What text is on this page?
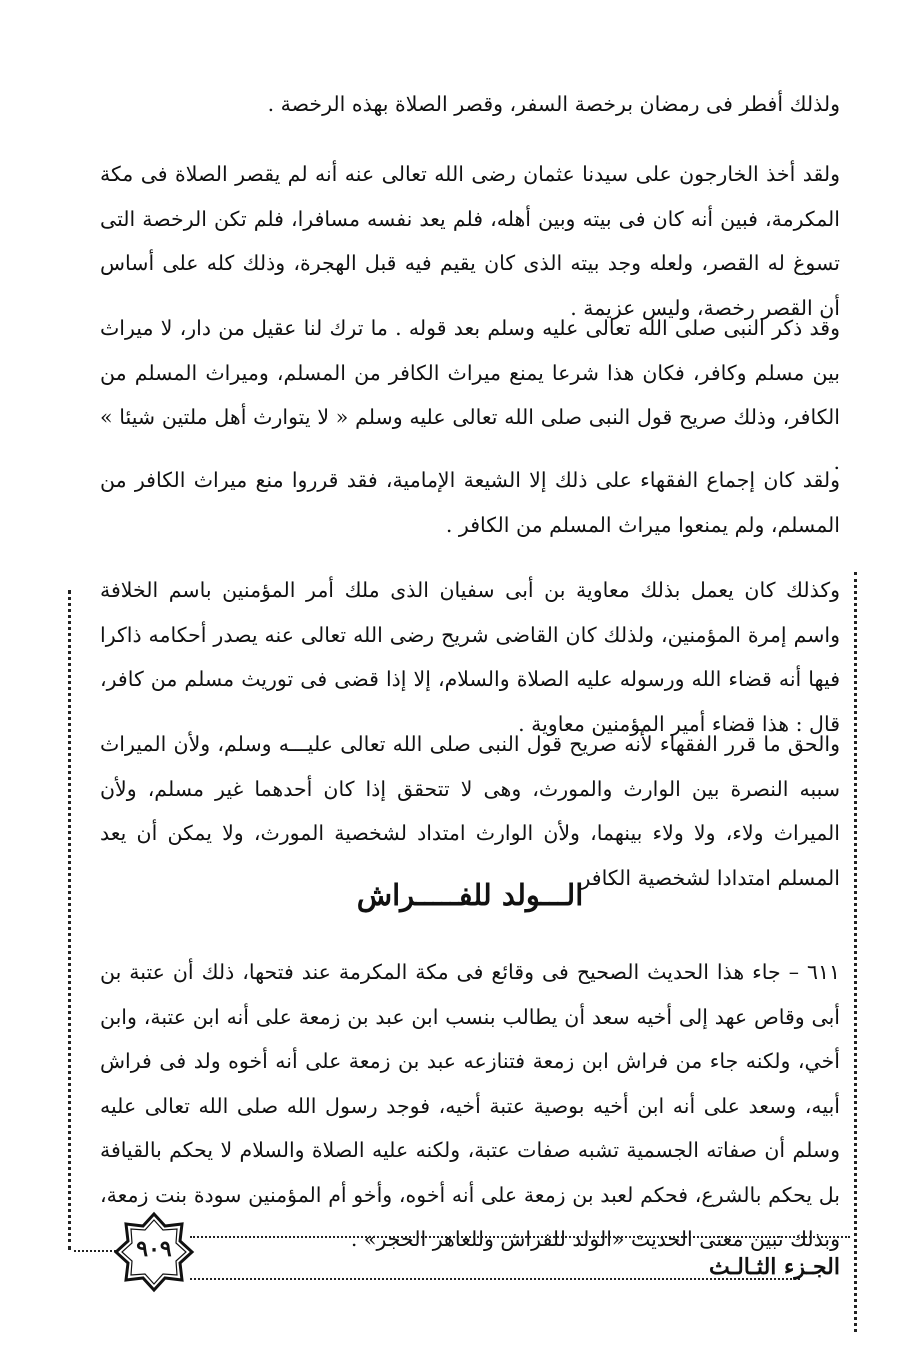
ولذلك أفطر فى رمضان برخصة السفر، وقصر الصلاة بهذه الرخصة .

ولقد أخذ الخارجون على سيدنا عثمان رضى الله تعالى عنه أنه لم يقصر الصلاة فى مكة المكرمة، فبين أنه كان فى بيته وبين أهله، فلم يعد نفسه مسافرا، فلم تكن الرخصة التى تسوغ له القصر، ولعله وجد بيته الذى كان يقيم فيه قبل الهجرة، وذلك كله على أساس أن القصر رخصة، وليس عزيمة .

وقد ذكر النبى صلى الله تعالى عليه وسلم بعد قوله . ما ترك لنا عقيل من دار، لا ميراث بين مسلم وكافر، فكان هذا شرعا يمنع ميراث الكافر من المسلم، وميراث المسلم من الكافر، وذلك صريح قول النبى صلى الله تعالى عليه وسلم « لا يتوارث أهل ملتين شيئا » .

ولقد كان إجماع الفقهاء على ذلك إلا الشيعة الإمامية، فقد قرروا منع ميراث الكافر من المسلم، ولم يمنعوا ميراث المسلم من الكافر .

وكذلك كان يعمل بذلك معاوية بن أبى سفيان الذى ملك أمر المؤمنين باسم الخلافة واسم إمرة المؤمنين، ولذلك كان القاضى شريح رضى الله تعالى عنه يصدر أحكامه ذاكرا فيها أنه قضاء الله ورسوله عليه الصلاة والسلام، إلا إذا قضى فى توريث مسلم من كافر، قال : هذا قضاء أمير المؤمنين معاوية .

والحق ما قرر الفقهاء لأنه صريح قول النبى صلى الله تعالى عليـــه وسلم، ولأن الميراث سببه النصرة بين الوارث والمورث، وهى لا تتحقق إذا كان أحدهما غير مسلم، ولأن الميراث ولاء، ولا ولاء بينهما، ولأن الوارث امتداد لشخصية المورث، ولا يمكن أن يعد المسلم امتدادا لشخصية الكافر .

الـــولد للفـــــراش

٦١١ – جاء هذا الحديث الصحيح فى وقائع فى مكة المكرمة عند فتحها، ذلك أن عتبة بن أبى وقاص عهد إلى أخيه سعد أن يطالب بنسب ابن عبد بن زمعة على أنه ابن عتبة، وابن أخي، ولكنه جاء من فراش ابن زمعة فتنازعه عبد بن زمعة على أنه أخوه ولد فى فراش أبيه، وسعد على أنه ابن أخيه بوصية عتبة أخيه، فوجد رسول الله صلى الله تعالى عليه وسلم أن صفاته الجسمية تشبه صفات عتبة، ولكنه عليه الصلاة والسلام لا يحكم بالقيافة بل يحكم بالشرع، فحكم لعبد بن زمعة على أنه أخوه، وأخو أم المؤمنين سودة بنت زمعة، وبذلك تبين معنى الحديث «الولد للفراش وللعاهر الحجر» .

٩٠٩
الجـزء الثـالـث
